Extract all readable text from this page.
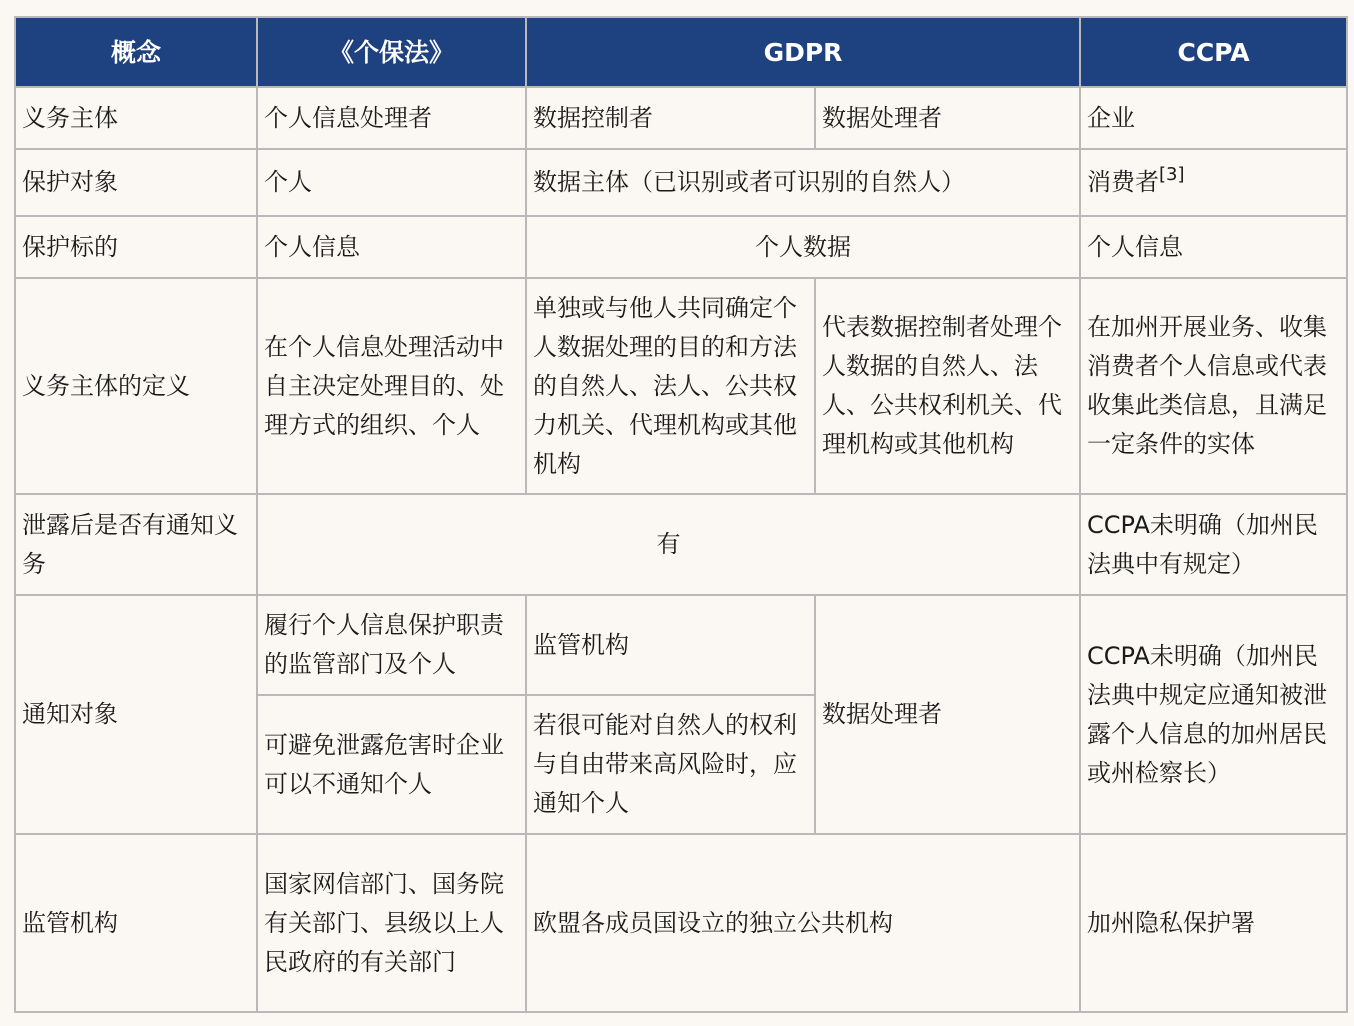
概念	《个保法》	GDPR		CCPA
义务主体	个人信息处理者	数据控制者	数据处理者	企业
保护对象	个人	数据主体（已识别或者可识别的自然人）		消费者[3]
保护标的	个人信息	个人数据		个人信息
义务主体的定义	在个人信息处理活动中自主决定处理目的、处理方式的组织、个人	单独或与他人共同确定个人数据处理的目的和方法的自然人、法人、公共权力机关、代理机构或其他机构	代表数据控制者处理个人数据的自然人、法人、公共权利机关、代理机构或其他机构	在加州开展业务、收集消费者个人信息或代表收集此类信息，且满足一定条件的实体
泄露后是否有通知义务	有			CCPA未明确（加州民法典中有规定）
通知对象	履行个人信息保护职责的监管部门及个人	监管机构	数据处理者	CCPA未明确（加州民法典中规定应通知被泄露个人信息的加州居民或州检察长）
	可避免泄露危害时企业可以不通知个人	若很可能对自然人的权利与自由带来高风险时，应通知个人		
监管机构	国家网信部门、国务院有关部门、县级以上人民政府的有关部门	欧盟各成员国设立的独立公共机构		加州隐私保护署
